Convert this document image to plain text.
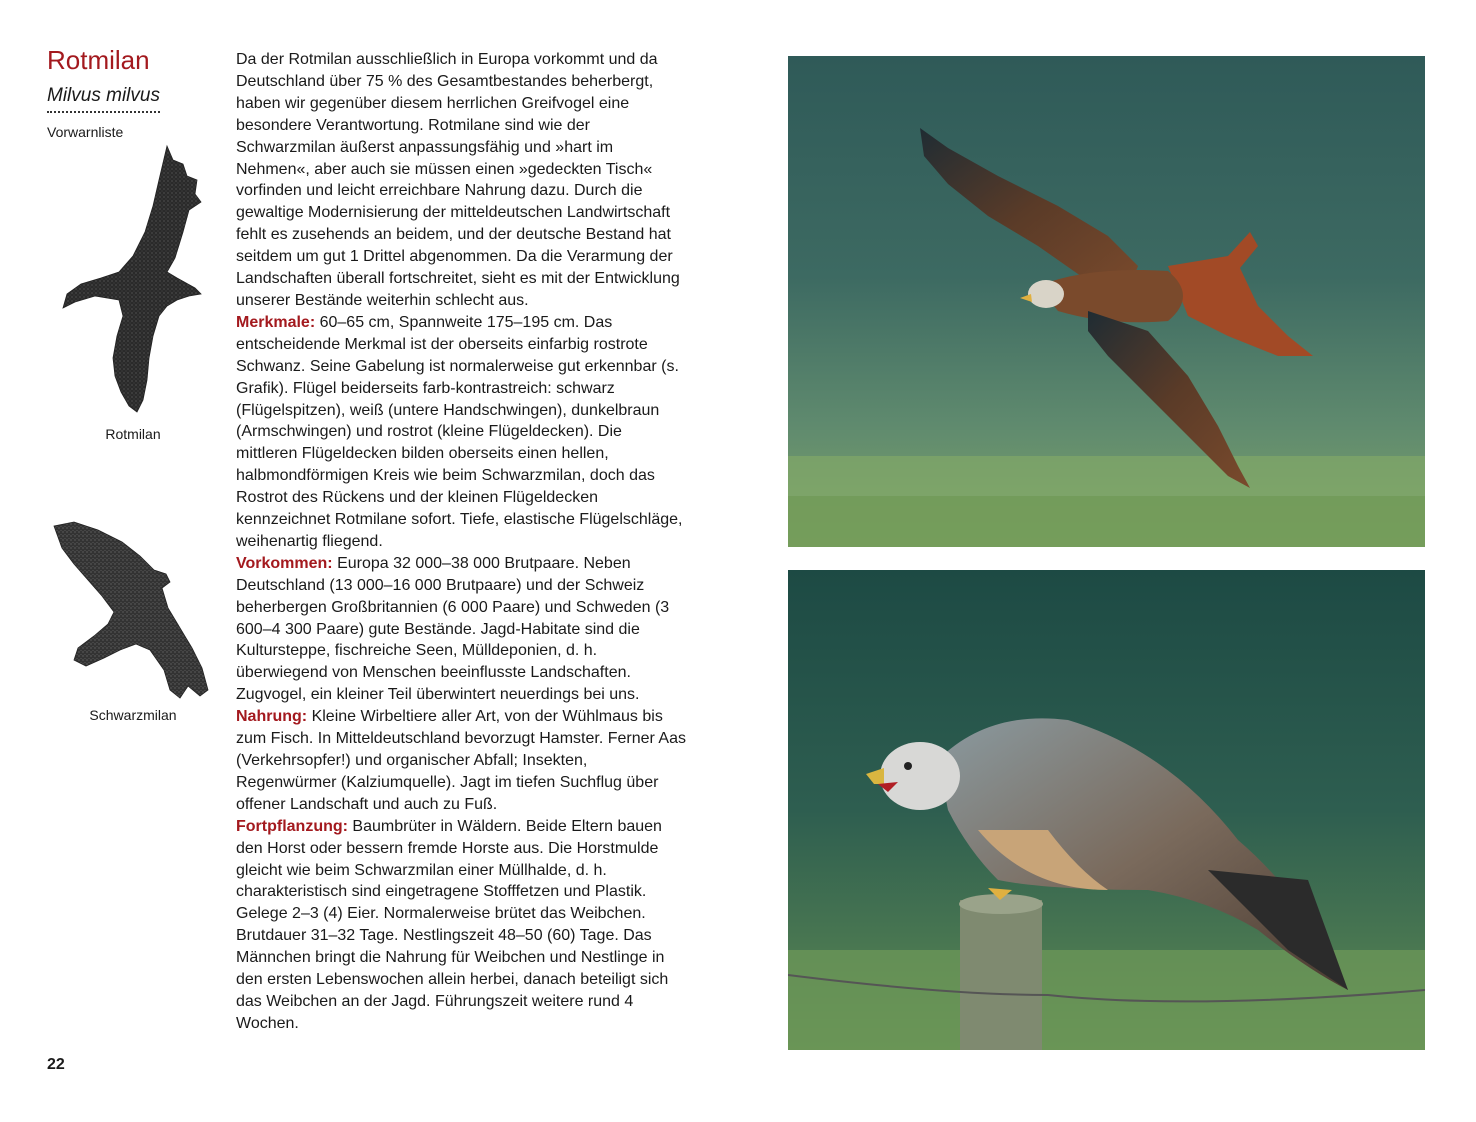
Rotmilan
Milvus milvus
Vorwarnliste
Rotmilan
Schwarzmilan

Da der Rotmilan ausschließlich in Europa vorkommt und da Deutschland über 75 % des Gesamtbestandes beherbergt, haben wir gegenüber diesem herrlichen Greifvogel eine besondere Verantwortung. Rotmilane sind wie der Schwarzmilan äußerst anpassungsfähig und »hart im Nehmen«, aber auch sie müssen einen »gedeckten Tisch« vorfinden und leicht erreichbare Nahrung dazu. Durch die gewaltige Modernisierung der mitteldeutschen Landwirtschaft fehlt es zusehends an beidem, und der deutsche Bestand hat seitdem um gut 1 Drittel abgenommen. Da die Verarmung der Landschaften überall fortschreitet, sieht es mit der Entwicklung unserer Bestände weiterhin schlecht aus.

Merkmale: 60–65 cm, Spannweite 175–195 cm. Das entscheidende Merkmal ist der oberseits einfarbig rostrote Schwanz. Seine Gabelung ist normalerweise gut erkennbar (s. Grafik). Flügel beiderseits farb-kontrastreich: schwarz (Flügelspitzen), weiß (untere Handschwingen), dunkelbraun (Armschwingen) und rostrot (kleine Flügeldecken). Die mittleren Flügeldecken bilden oberseits einen hellen, halbmondförmigen Kreis wie beim Schwarzmilan, doch das Rostrot des Rückens und der kleinen Flügeldecken kennzeichnet Rotmilane sofort. Tiefe, elastische Flügelschläge, weihenartig fliegend.

Vorkommen: Europa 32 000–38 000 Brutpaare. Neben Deutschland (13 000–16 000 Brutpaare) und der Schweiz beherbergen Großbritannien (6 000 Paare) und Schweden (3 600–4 300 Paare) gute Bestände. Jagd-Habitate sind die Kultursteppe, fischreiche Seen, Mülldeponien, d. h. überwiegend von Menschen beeinflusste Landschaften. Zugvogel, ein kleiner Teil überwintert neuerdings bei uns.

Nahrung: Kleine Wirbeltiere aller Art, von der Wühlmaus bis zum Fisch. In Mitteldeutschland bevorzugt Hamster. Ferner Aas (Verkehrsopfer!) und organischer Abfall; Insekten, Regenwürmer (Kalziumquelle). Jagt im tiefen Suchflug über offener Landschaft und auch zu Fuß.

Fortpflanzung: Baumbrüter in Wäldern. Beide Eltern bauen den Horst oder bessern fremde Horste aus. Die Horstmulde gleicht wie beim Schwarzmilan einer Müllhalde, d. h. charakteristisch sind eingetragene Stofffetzen und Plastik. Gelege 2–3 (4) Eier. Normalerweise brütet das Weibchen. Brutdauer 31–32 Tage. Nestlingszeit 48–50 (60) Tage. Das Männchen bringt die Nahrung für Weibchen und Nestlinge in den ersten Lebenswochen allein herbei, danach beteiligt sich das Weibchen an der Jagd. Führungszeit weitere rund 4 Wochen.

22
